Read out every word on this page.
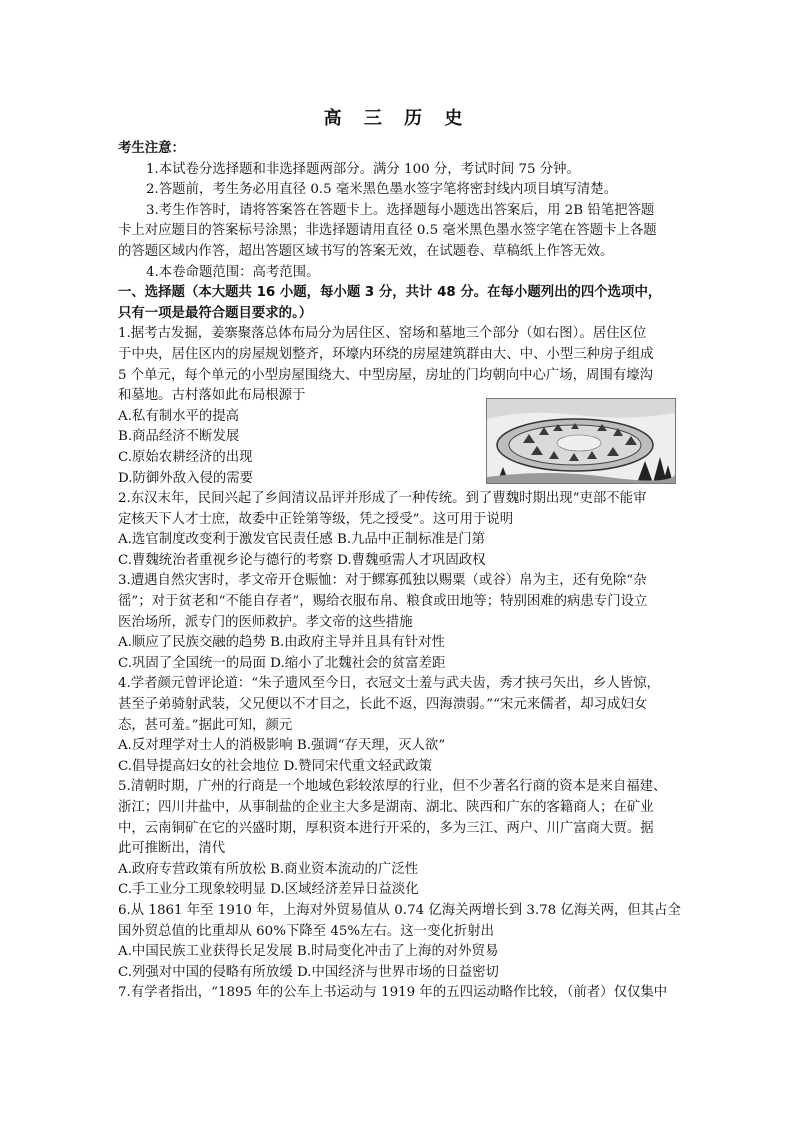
高 三 历 史
考生注意：
1.本试卷分选择题和非选择题两部分。满分 100 分，考试时间 75 分钟。
2.答题前，考生务必用直径 0.5 毫米黑色墨水签字笔将密封线内项目填写清楚。
3.考生作答时，请将答案答在答题卡上。选择题每小题选出答案后，用 2B 铅笔把答题
卡上对应题目的答案标号涂黑；非选择题请用直径 0.5 毫米黑色墨水签字笔在答题卡上各题
的答题区域内作答，超出答题区域书写的答案无效，在试题卷、草稿纸上作答无效。
4.本卷命题范围：高考范围。
一、选择题（本大题共 16 小题，每小题 3 分，共计 48 分。在每小题列出的四个选项中，
只有一项是最符合题目要求的。）
1.据考古发掘，姜寨聚落总体布局分为居住区、窑场和墓地三个部分（如右图）。居住区位
于中央，居住区内的房屋规划整齐，环壕内环绕的房屋建筑群由大、中、小型三种房子组成
5 个单元，每个单元的小型房屋围绕大、中型房屋，房址的门均朝向中心广场，周围有壕沟
和墓地。古村落如此布局根源于
A.私有制水平的提高
B.商品经济不断发展
C.原始农耕经济的出现
D.防御外敌入侵的需要
2.东汉末年，民间兴起了乡闾清议品评并形成了一种传统。到了曹魏时期出现“吏部不能审
定核天下人才士庶，故委中正铨第等级，凭之授受”。这可用于说明
A.选官制度改变利于激发官民责任感 B.九品中正制标准是门第
C.曹魏统治者重视乡论与德行的考察 D.曹魏亟需人才巩固政权
3.遭遇自然灾害时，孝文帝开仓赈恤：对于鳏寡孤独以赐粟（或谷）帛为主，还有免除“杂
徭”；对于贫老和“不能自存者”，赐给衣服布帛、粮食或田地等；特别困难的病患专门设立
医治场所，派专门的医师救护。孝文帝的这些措施
A.顺应了民族交融的趋势 B.由政府主导并且具有针对性
C.巩固了全国统一的局面 D.缩小了北魏社会的贫富差距
4.学者颜元曾评论道：“朱子遗风至今日，衣冠文士羞与武夫齿，秀才挟弓矢出，乡人皆惊，
甚至子弟骑射武装，父兄便以不才目之，长此不返，四海溃弱。”“宋元来儒者，却习成妇女
态，甚可羞。”据此可知，颜元
A.反对理学对士人的消极影响 B.强调“存天理，灭人欲”
C.倡导提高妇女的社会地位 D.赞同宋代重文轻武政策
5.清朝时期，广州的行商是一个地域色彩较浓厚的行业，但不少著名行商的资本是来自福建、
浙江；四川井盐中，从事制盐的企业主大多是湖南、湖北、陕西和广东的客籍商人；在矿业
中，云南铜矿在它的兴盛时期，厚积资本进行开采的，多为三江、两户、川广富商大贾。据
此可推断出，清代
A.政府专营政策有所放松 B.商业资本流动的广泛性
C.手工业分工现象较明显 D.区域经济差异日益淡化
6.从 1861 年至 1910 年，上海对外贸易值从 0.74 亿海关两增长到 3.78 亿海关两，但其占全
国外贸总值的比重却从 60%下降至 45%左右。这一变化折射出
A.中国民族工业获得长足发展 B.时局变化冲击了上海的对外贸易
C.列强对中国的侵略有所放缓 D.中国经济与世界市场的日益密切
7.有学者指出，“1895 年的公车上书运动与 1919 年的五四运动略作比较，（前者）仅仅集中
